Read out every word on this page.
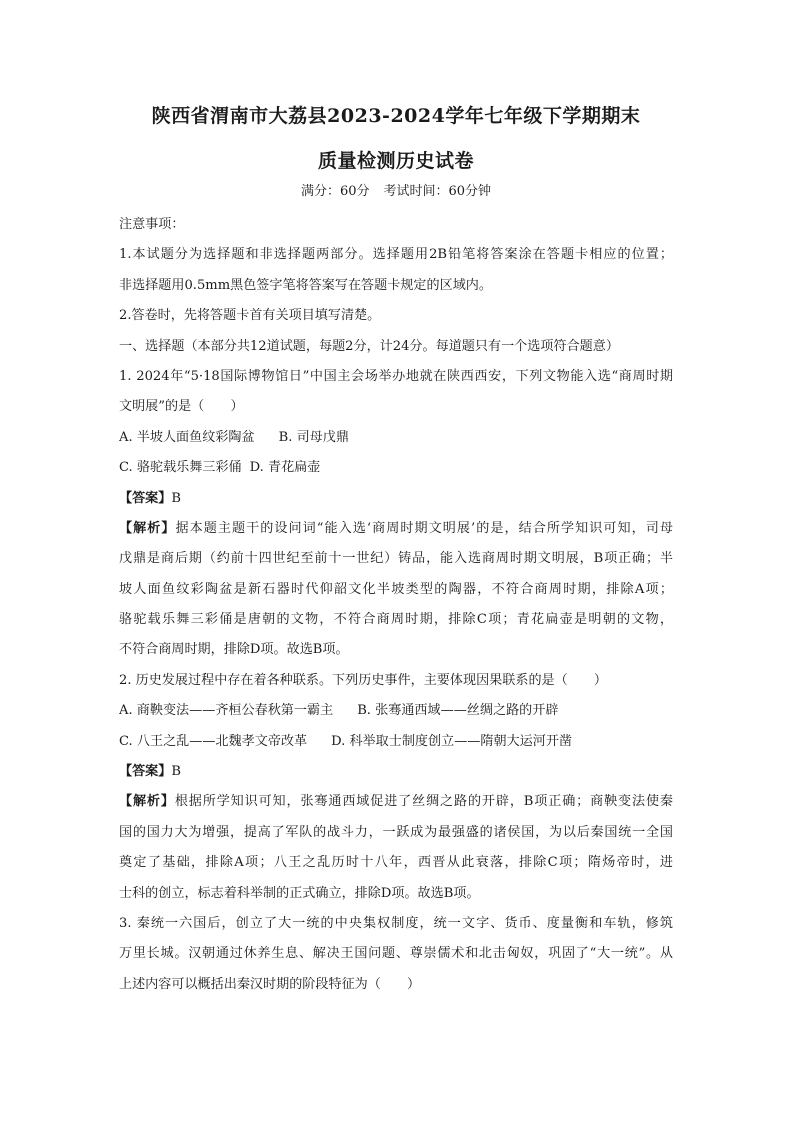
陕西省渭南市大荔县2023-2024学年七年级下学期期末
质量检测历史试卷
满分：60分 考试时间：60分钟
注意事项：
1.本试题分为选择题和非选择题两部分。选择题用2B铅笔将答案涂在答题卡相应的位置；
非选择题用0.5mm黑色签字笔将答案写在答题卡规定的区域内。
2.答卷时，先将答题卡首有关项目填写清楚。
一、选择题（本部分共12道试题，每题2分，计24分。每道题只有一个选项符合题意）
1. 2024年“5·18国际博物馆日”中国主会场举办地就在陕西西安，下列文物能入选“商周时期
文明展”的是（　　）
A. 半坡人面鱼纹彩陶盆 B. 司母戊鼎
C. 骆驼载乐舞三彩俑 D. 青花扁壶
【答案】B
【解析】据本题主题干的设问词“能入选‘商周时期文明展’的是，结合所学知识可知，司母
戊鼎是商后期（约前十四世纪至前十一世纪）铸品，能入选商周时期文明展，B项正确；半
坡人面鱼纹彩陶盆是新石器时代仰韶文化半坡类型的陶器，不符合商周时期，排除A项；
骆驼载乐舞三彩俑是唐朝的文物，不符合商周时期，排除C项；青花扁壶是明朝的文物，
不符合商周时期，排除D项。故选B项。
2. 历史发展过程中存在着各种联系。下列历史事件，主要体现因果联系的是（　　）
A. 商鞅变法——齐桓公春秋第一霸主 B. 张骞通西域——丝绸之路的开辟
C. 八王之乱——北魏孝文帝改革 D. 科举取士制度创立——隋朝大运河开凿
【答案】B
【解析】根据所学知识可知，张骞通西域促进了丝绸之路的开辟，B项正确；商鞅变法使秦
国的国力大为增强，提高了军队的战斗力，一跃成为最强盛的诸侯国，为以后秦国统一全国
奠定了基础，排除A项；八王之乱历时十八年，西晋从此衰落，排除C项；隋炀帝时，进
士科的创立，标志着科举制的正式确立，排除D项。故选B项。
3. 秦统一六国后，创立了大一统的中央集权制度，统一文字、货币、度量衡和车轨，修筑
万里长城。汉朝通过休养生息、解决王国问题、尊崇儒术和北击匈奴，巩固了“大一统”。从
上述内容可以概括出秦汉时期的阶段特征为（　　）
